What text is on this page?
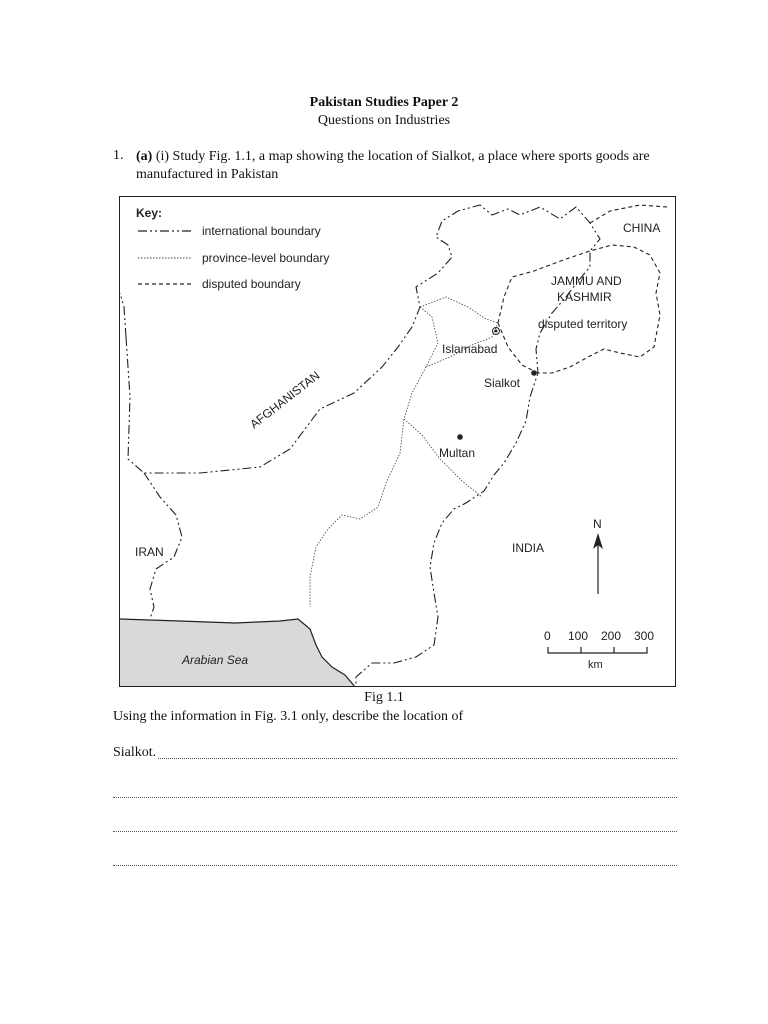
Pakistan Studies Paper 2
Questions on Industries
1. (a) (i) Study Fig. 1.1, a map showing the location of Sialkot, a place where sports goods are manufactured in Pakistan
Key:
international boundary
province-level boundary
disputed boundary
CHINA
JAMMU AND
KASHMIR
disputed territory
Islamabad
Sialkot
AFGHANISTAN
Multan
IRAN	INDIA
Arabian Sea
N
0 100 200 300
km
Fig 1.1
Using the information in Fig. 3.1 only, describe the location of
Sialkot.
